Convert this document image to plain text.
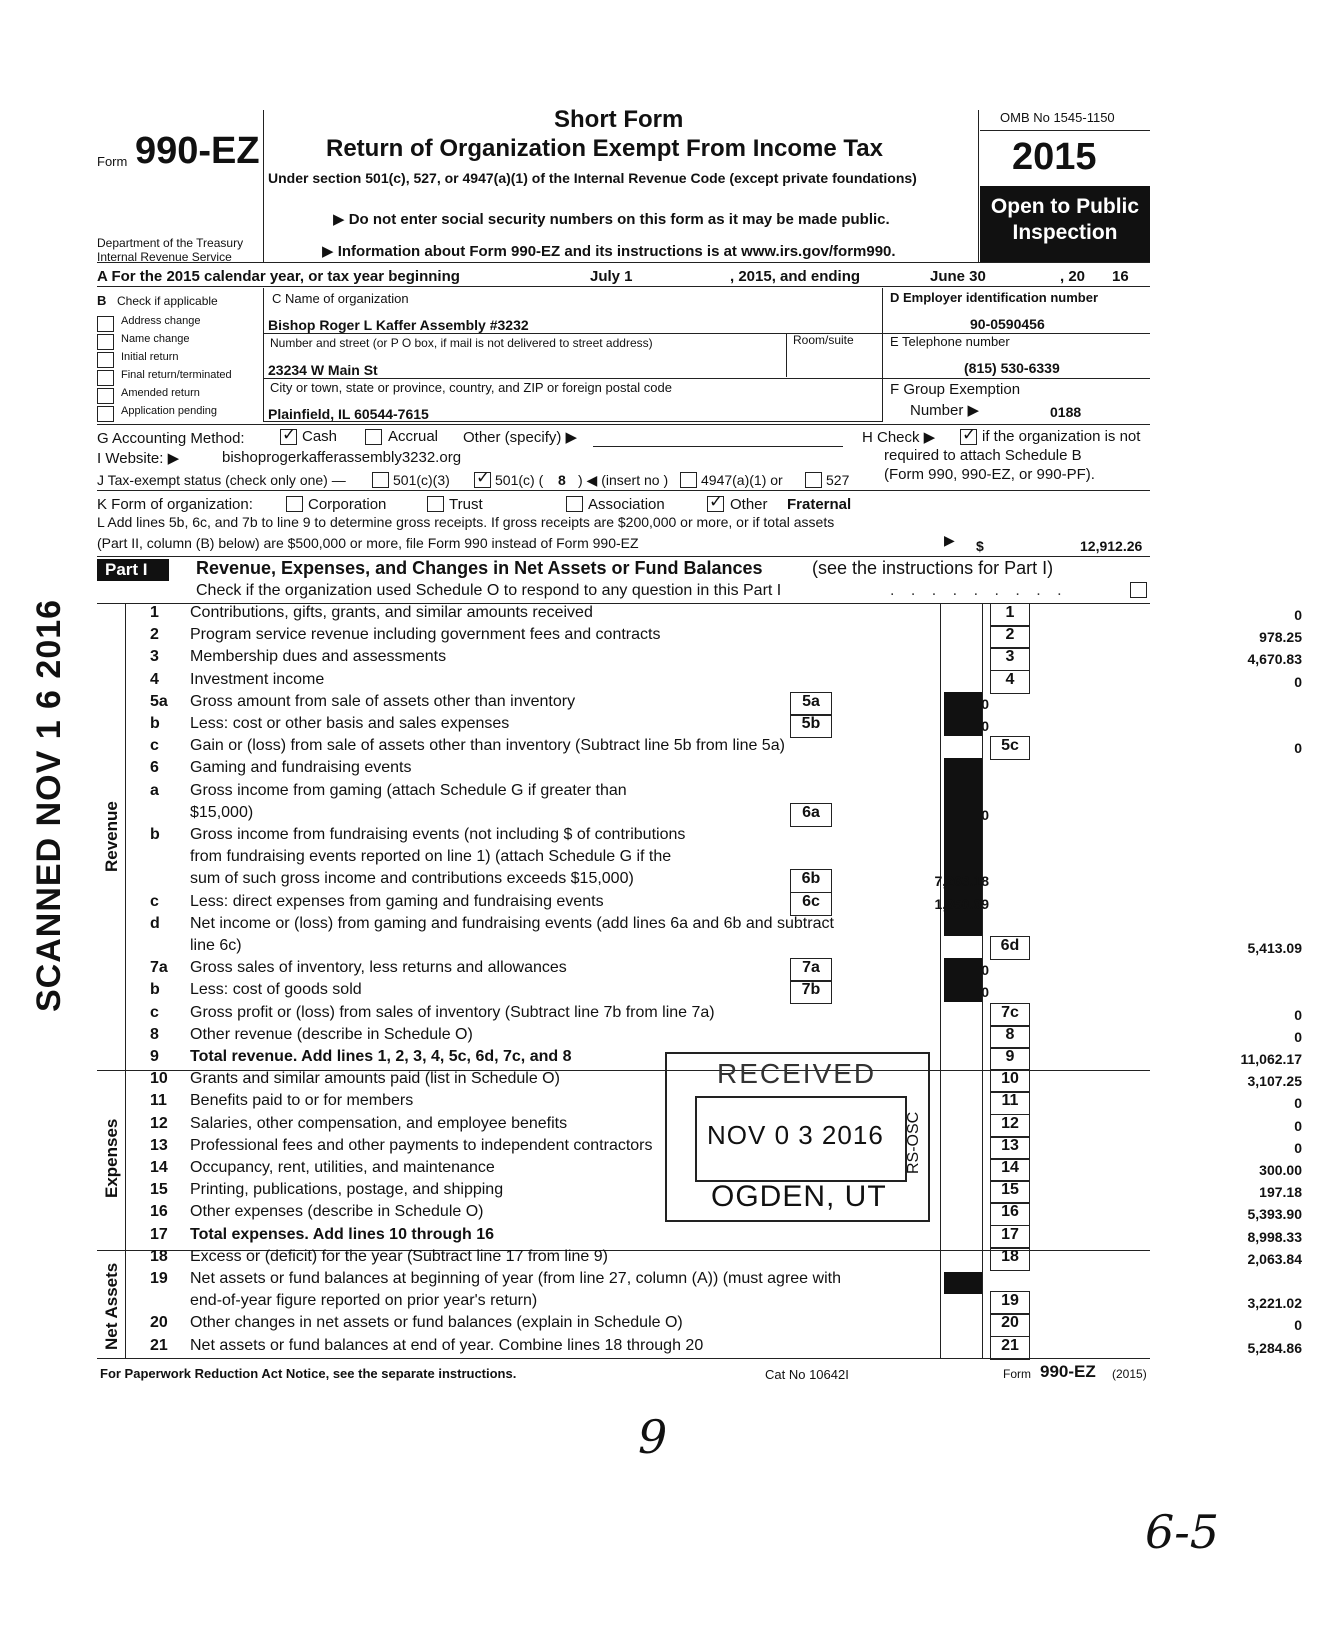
Form 990-EZ
Department of the Treasury
Internal Revenue Service
Short Form
Return of Organization Exempt From Income Tax
Under section 501(c), 527, or 4947(a)(1) of the Internal Revenue Code (except private foundations)
▶ Do not enter social security numbers on this form as it may be made public.
▶ Information about Form 990-EZ and its instructions is at www.irs.gov/form990.
OMB No 1545-1150
2015
Open to Public
Inspection
A For the 2015 calendar year, or tax year beginning	July 1	, 2015, and ending	June 30	, 20 16
B Check if applicable
Address change
Name change
Initial return
Final return/terminated
Amended return
Application pending
C Name of organization
Bishop Roger L Kaffer Assembly #3232
Number and street (or P O box, if mail is not delivered to street address)	Room/suite
23234 W Main St
City or town, state or province, country, and ZIP or foreign postal code
Plainfield, IL 60544-7615
D Employer identification number
90-0590456
E Telephone number
(815) 530-6339
F Group Exemption
Number ▶	0188
G Accounting Method: ✓	Cash	Accrual Other (specify) ▶	H Check ▶ ✓	if the organization is not
required to attach Schedule B
(Form 990, 990-EZ, or 990-PF).
I Website: ▶	bishoprogerkafferassembly3232.org
J Tax-exempt status (check only one) —	501(c)(3) ✓	501(c) ( 8 ) ◀ (insert no ) 4947(a)(1) or	527
K Form of organization:	Corporation	Trust	Association ✓	Other Fraternal
L Add lines 5b, 6c, and 7b to line 9 to determine gross receipts. If gross receipts are $200,000 or more, or if total assets
(Part II, column (B) below) are $500,000 or more, file Form 990 instead of Form 990-EZ	▶ $	12,912.26
Part I	Revenue, Expenses, and Changes in Net Assets or Fund Balances	(see the instructions for Part I)
Check if the organization used Schedule O to respond to any question in this Part I	. . . . . . . . .
Revenue
Expenses
Net Assets
1	Contributions, gifts, grants, and similar amounts received	1	0
2	Program service revenue including government fees and contracts	2	978.25
3	Membership dues and assessments	3	4,670.83
4	Investment income	4	0
5a	Gross amount from sale of assets other than inventory	5a	0
b	Less: cost or other basis and sales expenses	5b	0
c	Gain or (loss) from sale of assets other than inventory (Subtract line 5b from line 5a)	5c	0
6	Gaming and fundraising events
a	Gross income from gaming (attach Schedule G if greater than
$15,000)	6a	0
b	Gross income from fundraising events (not including $ of contributions
from fundraising events reported on line 1) (attach Schedule G if the
sum of such gross income and contributions exceeds $15,000)	6b	7,263.18
c	Less: direct expenses from gaming and fundraising events	6c	1,850.09
d	Net income or (loss) from gaming and fundraising events (add lines 6a and 6b and subtract
line 6c)	6d	5,413.09
7a	Gross sales of inventory, less returns and allowances	7a	0
b	Less: cost of goods sold	7b	0
c	Gross profit or (loss) from sales of inventory (Subtract line 7b from line 7a)	7c	0
8	Other revenue (describe in Schedule O)	8	0
9	Total revenue. Add lines 1, 2, 3, 4, 5c, 6d, 7c, and 8	9	11,062.17
10	Grants and similar amounts paid (list in Schedule O)	10	3,107.25
11	Benefits paid to or for members	11	0
12	Salaries, other compensation, and employee benefits	12	0
13	Professional fees and other payments to independent contractors	13	0
14	Occupancy, rent, utilities, and maintenance	14	300.00
15	Printing, publications, postage, and shipping	15	197.18
16	Other expenses (describe in Schedule O)	16	5,393.90
17	Total expenses. Add lines 10 through 16	17	8,998.33
18	Excess or (deficit) for the year (Subtract line 17 from line 9)	18	2,063.84
19	Net assets or fund balances at beginning of year (from line 27, column (A)) (must agree with
end-of-year figure reported on prior year's return)	19	3,221.02
20	Other changes in net assets or fund balances (explain in Schedule O)	20	0
21	Net assets or fund balances at end of year. Combine lines 18 through 20	21	5,284.86
For Paperwork Reduction Act Notice, see the separate instructions.	Cat No 10642I	Form 990-EZ (2015)
SCANNED NOV 1 6 2016
RECEIVED
NOV 0 3 2016 RS-OSC
OGDEN, UT
9
6-5
